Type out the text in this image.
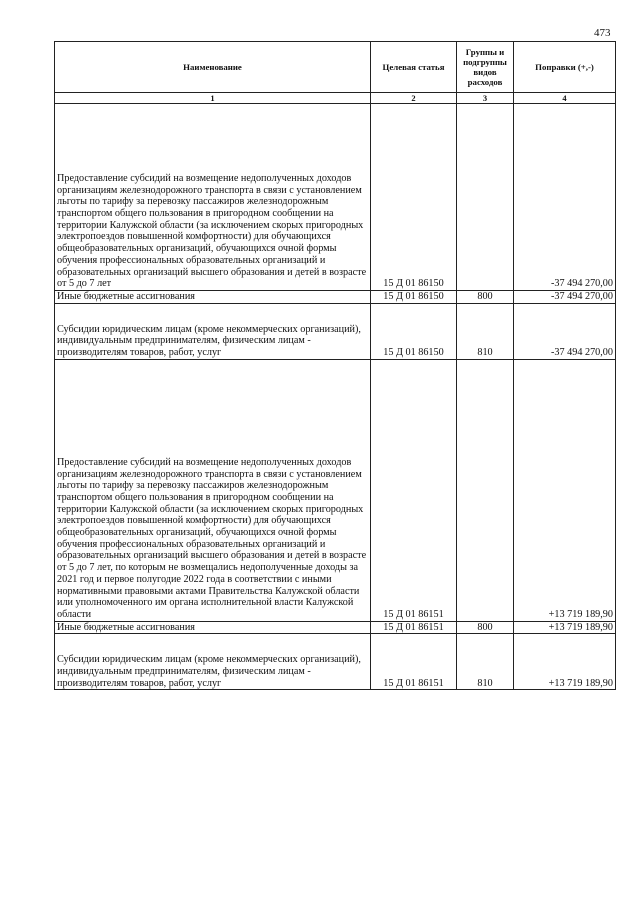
473
Наименование	Целевая статья	Группы и подгруппы видов расходов	Поправки (+,-)
1	2	3	4
Предоставление субсидий на возмещение недополученных доходов организациям железнодорожного транспорта в связи с установлением льготы по тарифу за перевозку пассажиров железнодорожным транспортом общего пользования в пригородном сообщении на территории Калужской области (за исключением скорых пригородных электропоездов повышенной комфортности) для обучающихся общеобразовательных организаций, обучающихся очной формы обучения профессиональных образовательных организаций и образовательных организаций высшего образования и детей в возрасте от 5 до 7 лет	15 Д 01 86150		-37 494 270,00
Иные бюджетные ассигнования	15 Д 01 86150	800	-37 494 270,00
Субсидии юридическим лицам (кроме некоммерческих организаций), индивидуальным предпринимателям, физическим лицам - производителям товаров, работ, услуг	15 Д 01 86150	810	-37 494 270,00
Предоставление субсидий на возмещение недополученных доходов организациям железнодорожного транспорта в связи с установлением льготы по тарифу за перевозку пассажиров железнодорожным транспортом общего пользования в пригородном сообщении на территории Калужской области (за исключением скорых пригородных электропоездов повышенной комфортности) для обучающихся общеобразовательных организаций, обучающихся очной формы обучения профессиональных образовательных организаций и образовательных организаций высшего образования и детей в возрасте от 5 до 7 лет, по которым не возмещались недополученные доходы за 2021 год и первое полугодие 2022 года в соответствии с иными нормативными правовыми актами Правительства Калужской области или уполномоченного им органа исполнительной власти Калужской области	15 Д 01 86151		+13 719 189,90
Иные бюджетные ассигнования	15 Д 01 86151	800	+13 719 189,90
Субсидии юридическим лицам (кроме некоммерческих организаций), индивидуальным предпринимателям, физическим лицам - производителям товаров, работ, услуг	15 Д 01 86151	810	+13 719 189,90
